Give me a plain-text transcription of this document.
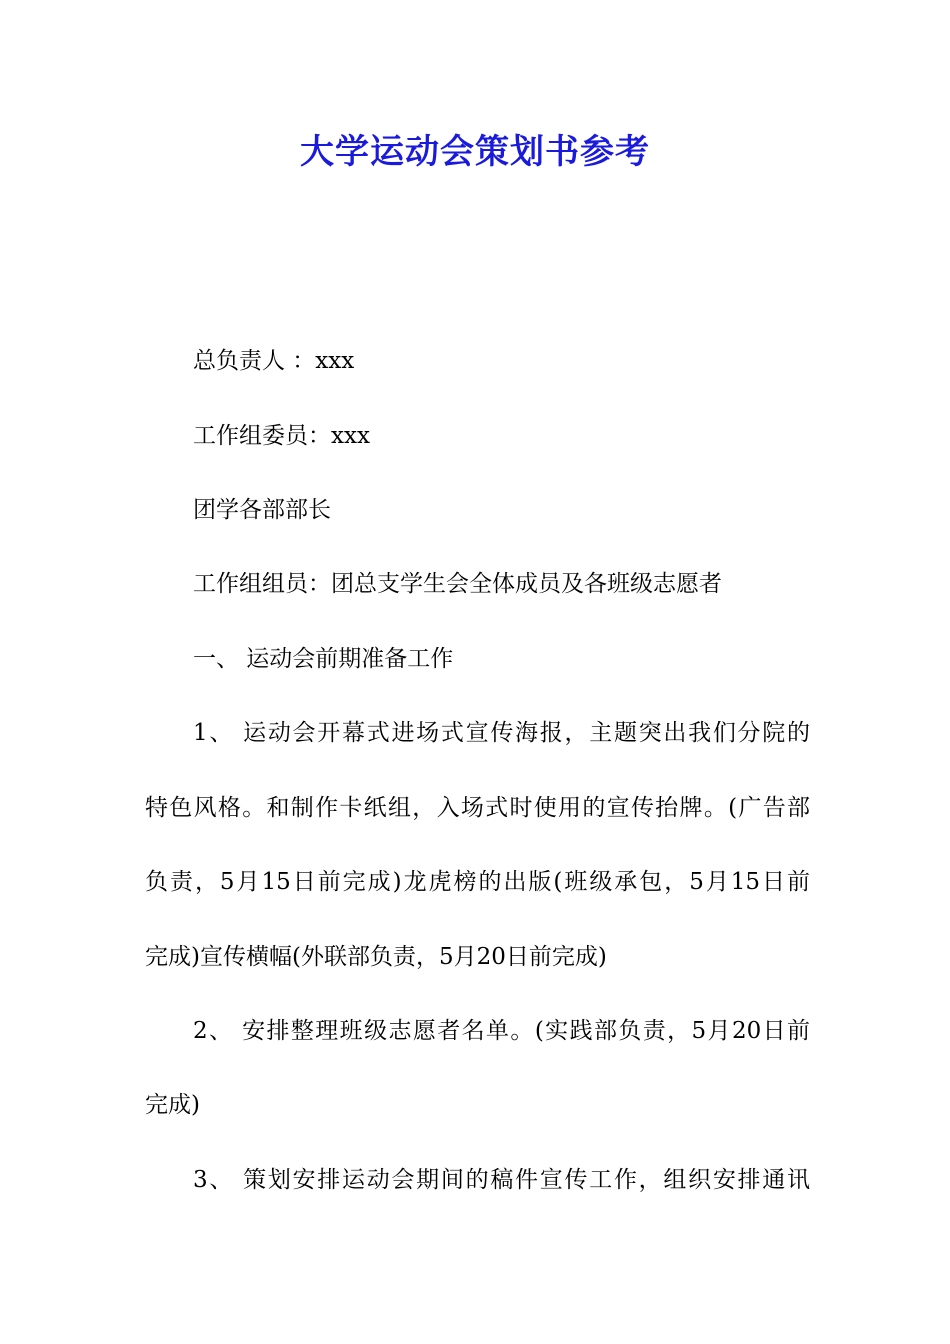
大学运动会策划书参考
总负责人 ：xxx
工作组委员：xxx
团学各部部长
工作组组员：团总支学生会全体成员及各班级志愿者
一、 运动会前期准备工作
1、 运动会开幕式进场式宣传海报，主题突出我们分院的
特色风格。和制作卡纸组，入场式时使用的宣传抬牌。(广告部
负责，5月15日前完成)龙虎榜的出版(班级承包，5月15日前
完成)宣传横幅(外联部负责，5月20日前完成)
2、 安排整理班级志愿者名单。(实践部负责，5月20日前
完成)
3、 策划安排运动会期间的稿件宣传工作，组织安排通讯
